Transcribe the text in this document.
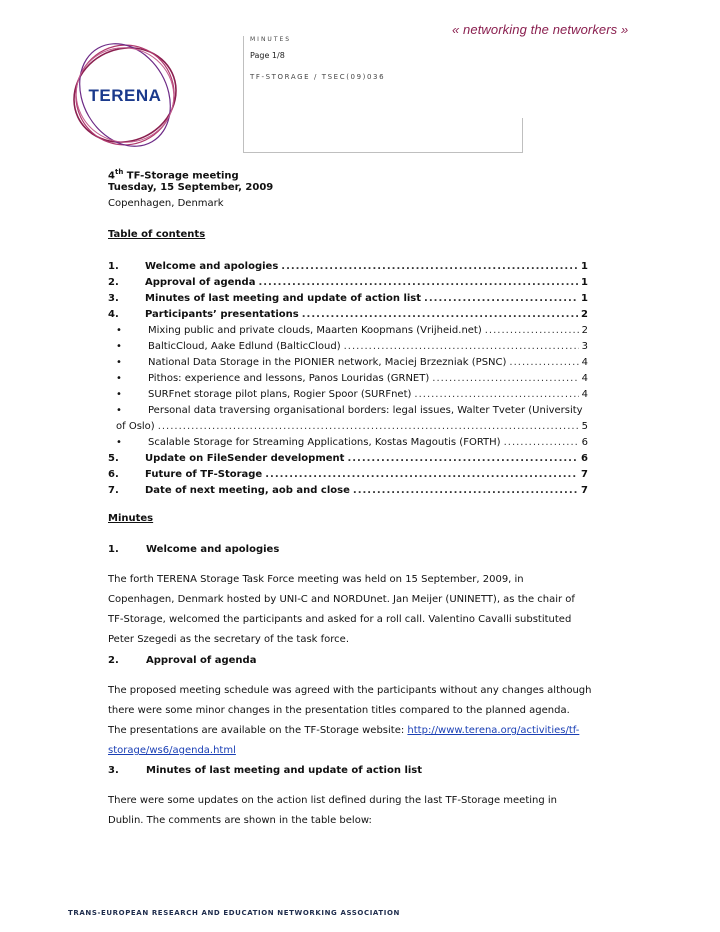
TERENA
« networking the networkers »
MINUTES
Page 1/8
TF-STORAGE / TSEC(09)036
4th TF-Storage meeting
Tuesday, 15 September, 2009
Copenhagen, Denmark
Table of contents
1.	Welcome and apologies .....	1
2.	Approval of agenda .....	1
3.	Minutes of last meeting and update of action list .....	1
4.	Participants’ presentations .....	2
•	Mixing public and private clouds, Maarten Koopmans (Vrijheid.net) .....	2
•	BalticCloud, Aake Edlund (BalticCloud) .....	3
•	National Data Storage in the PIONIER network, Maciej Brzezniak (PSNC) .....	4
•	Pithos: experience and lessons, Panos Louridas (GRNET) .....	4
•	SURFnet storage pilot plans, Rogier Spoor (SURFnet) .....	4
•	Personal data traversing organisational borders: legal issues, Walter Tveter (University
of Oslo) .....	5
•	Scalable Storage for Streaming Applications, Kostas Magoutis (FORTH) .....	6
5.	Update on FileSender development .....	6
6.	Future of TF-Storage .....	7
7.	Date of next meeting, aob and close .....	7
Minutes
1.	Welcome and apologies

The forth TERENA Storage Task Force meeting was held on 15 September, 2009, in

Copenhagen, Denmark hosted by UNI-C and NORDUnet. Jan Meijer (UNINETT), as the chair of

TF-Storage, welcomed the participants and asked for a roll call. Valentino Cavalli substituted

Peter Szegedi as the secretary of the task force.

2.	Approval of agenda

The proposed meeting schedule was agreed with the participants without any changes although

there were some minor changes in the presentation titles compared to the planned agenda.

The presentations are available on the TF-Storage website: http://www.terena.org/activities/tf-

storage/ws6/agenda.html

3.	Minutes of last meeting and update of action list

There were some updates on the action list defined during the last TF-Storage meeting in

Dublin. The comments are shown in the table below:

TRANS-EUROPEAN RESEARCH AND EDUCATION NETWORKING ASSOCIATION
